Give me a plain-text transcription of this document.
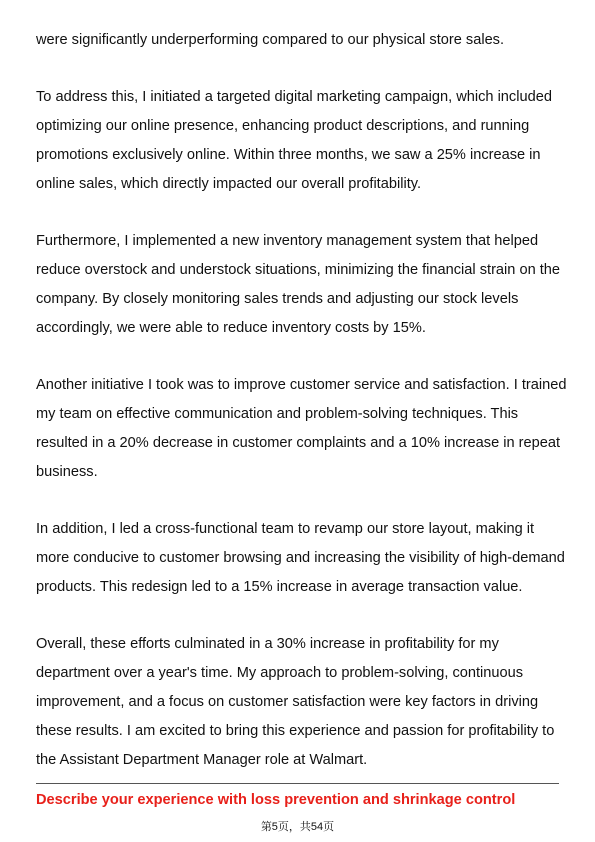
were significantly underperforming compared to our physical store sales.

To address this, I initiated a targeted digital marketing campaign, which included
optimizing our online presence, enhancing product descriptions, and running
promotions exclusively online. Within three months, we saw a 25% increase in
online sales, which directly impacted our overall profitability.

Furthermore, I implemented a new inventory management system that helped
reduce overstock and understock situations, minimizing the financial strain on the
company. By closely monitoring sales trends and adjusting our stock levels
accordingly, we were able to reduce inventory costs by 15%.

Another initiative I took was to improve customer service and satisfaction. I trained
my team on effective communication and problem-solving techniques. This
resulted in a 20% decrease in customer complaints and a 10% increase in repeat
business.

In addition, I led a cross-functional team to revamp our store layout, making it
more conducive to customer browsing and increasing the visibility of high-demand
products. This redesign led to a 15% increase in average transaction value.

Overall, these efforts culminated in a 30% increase in profitability for my
department over a year's time. My approach to problem-solving, continuous
improvement, and a focus on customer satisfaction were key factors in driving
these results. I am excited to bring this experience and passion for profitability to
the Assistant Department Manager role at Walmart.

Describe your experience with loss prevention and shrinkage control
第5页，共54页
